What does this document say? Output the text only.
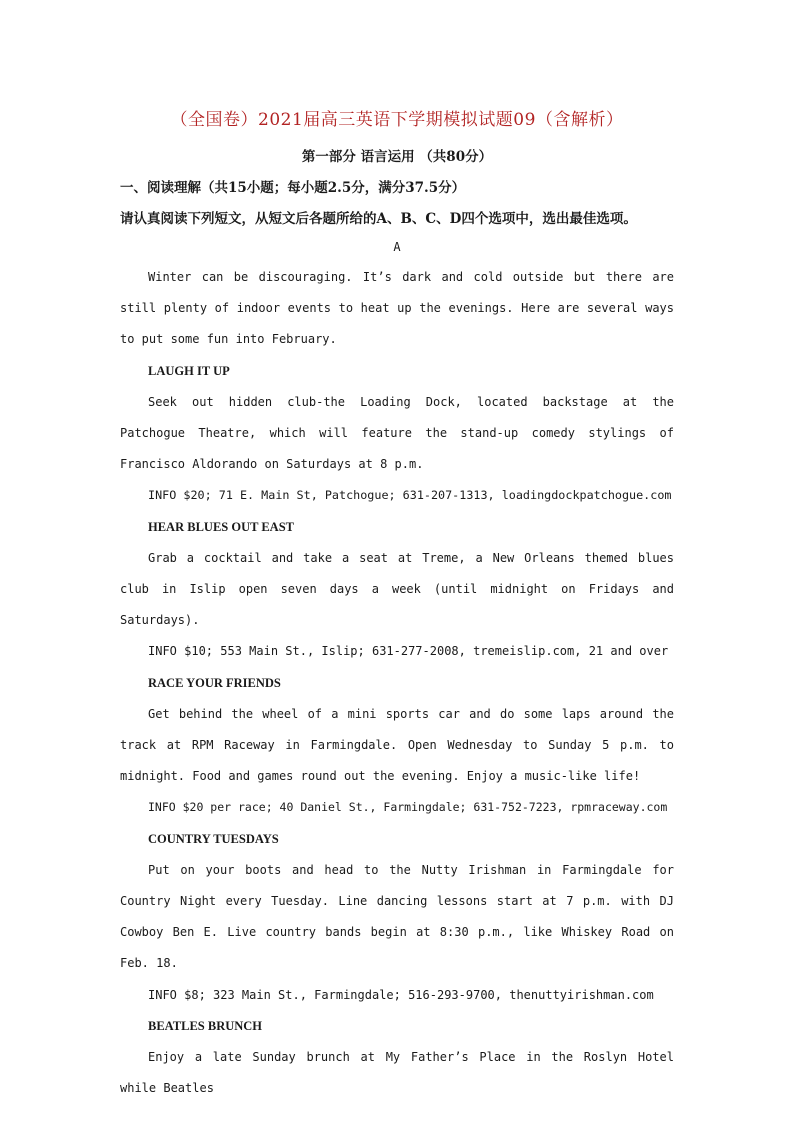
（全国卷）2021届高三英语下学期模拟试题09（含解析）
第一部分 语言运用 （共80分）
一、阅读理解（共15小题；每小题2.5分，满分37.5分）
请认真阅读下列短文，从短文后各题所给的A、B、C、D四个选项中，选出最佳选项。
A

Winter can be discouraging. It’s dark and cold outside but there are still plenty of indoor events to heat up the evenings. Here are several ways to put some fun into February.

LAUGH IT UP

Seek out hidden club-the Loading Dock, located backstage at the Patchogue Theatre, which will feature the stand-up comedy stylings of Francisco Aldorando on Saturdays at 8 p.m.

INFO $20; 71 E. Main St, Patchogue; 631-207-1313, loadingdockpatchogue.com

HEAR BLUES OUT EAST

Grab a cocktail and take a seat at Treme, a New Orleans themed blues club in Islip open seven days a week (until midnight on Fridays and Saturdays).

INFO $10; 553 Main St., Islip; 631-277-2008, tremeislip.com, 21 and over

RACE YOUR FRIENDS

Get behind the wheel of a mini sports car and do some laps around the track at RPM Raceway in Farmingdale. Open Wednesday to Sunday 5 p.m. to midnight. Food and games round out the evening. Enjoy a music-like life!

INFO $20 per race; 40 Daniel St., Farmingdale; 631-752-7223, rpmraceway.com

COUNTRY TUESDAYS

Put on your boots and head to the Nutty Irishman in Farmingdale for Country Night every Tuesday. Line dancing lessons start at 7 p.m. with DJ Cowboy Ben E. Live country bands begin at 8:30 p.m., like Whiskey Road on Feb. 18.

INFO $8; 323 Main St., Farmingdale; 516-293-9700, thenuttyirishman.com

BEATLES BRUNCH

Enjoy a late Sunday brunch at My Father’s Place in the Roslyn Hotel while Beatles
